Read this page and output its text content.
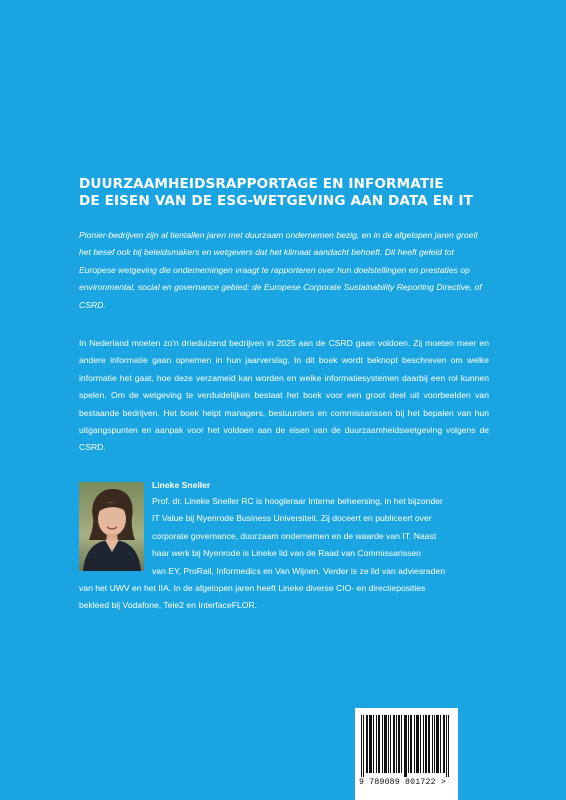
DUURZAAMHEIDSRAPPORTAGE EN INFORMATIE

DE EISEN VAN DE ESG-WETGEVING AAN DATA EN IT

Pionier-bedrijven zijn al tientallen jaren met duurzaam ondernemen bezig, en in de afgelopen jaren groeit het besef ook bij beleidsmakers en wetgevers dat het klimaat aandacht behoeft. Dit heeft geleid tot Europese wetgeving die ondernemingen vraagt te rapporteren over hun doelstellingen en prestaties op environmental, social en governance gebied: de Europese Corporate Sustainability Reporting Directive, of CSRD.

In Nederland moeten zo'n drieduizend bedrijven in 2025 aan de CSRD gaan voldoen. Zij moeten meer en andere informatie gaan opnemen in hun jaarverslag. In dit boek wordt beknopt beschreven om welke informatie het gaat, hoe deze verzameld kan worden en welke informatiesystemen daarbij een rol kunnen spelen. Om de wetgeving te verduidelijken bestaat het boek voor een groot deel uit voorbeelden van bestaande bedrijven. Het boek helpt managers, bestuurders en commissarissen bij het bepalen van hun uitgangspunten en aanpak voor het voldoen aan de eisen van de duurzaamheidswetgeving volgens de CSRD.

Lineke Sneller

Prof. dr. Lineke Sneller RC is hoogleraar Interne beheersing, in het bijzonder
IT Value bij Nyenrode Business Universiteit. Zij doceert en publiceert over
corporate governance, duurzaam ondernemen en de waarde van IT. Naast
haar werk bij Nyenrode is Lineke lid van de Raad van Commissarissen
van EY, ProRail, Informedics en Van Wijnen. Verder is ze lid van adviesraden
van het UWV en het IIA. In de afgelopen jaren heeft Lineke diverse CIO- en directieposities
bekleed bij Vodafone, Tele2 en InterfaceFLOR.
9 789089 801722 >
